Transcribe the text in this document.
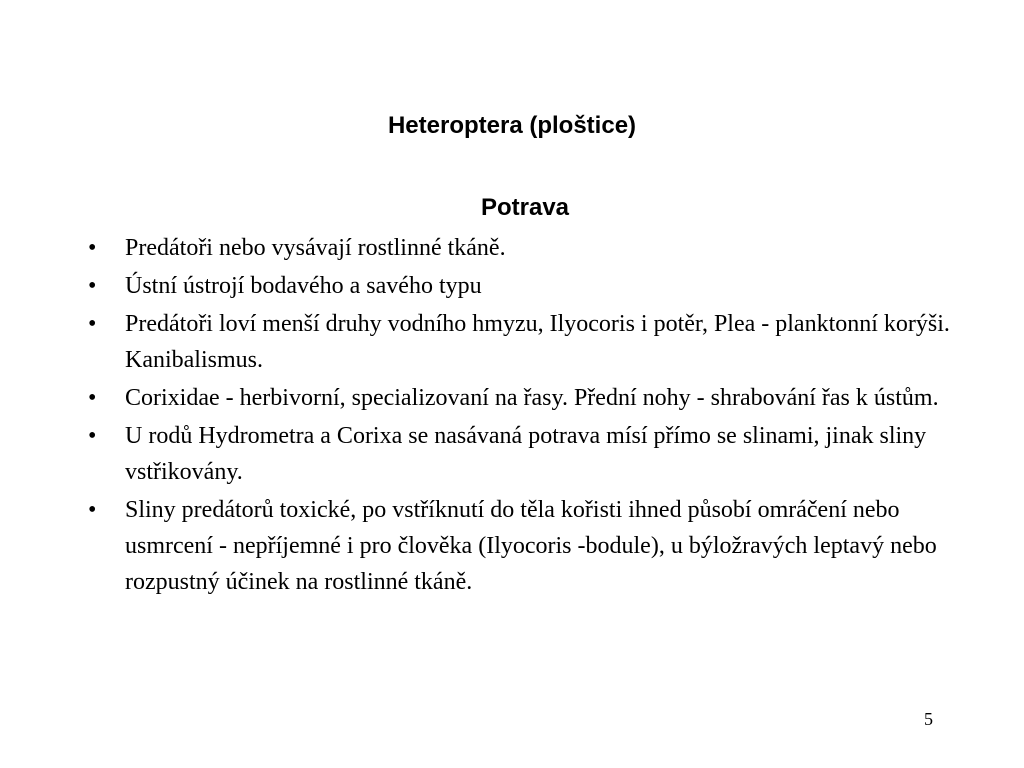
Heteroptera (ploštice)
Potrava
• Predátoři nebo vysávají rostlinné tkáně.
• Ústní ústrojí bodavého a savého typu
• Predátoři loví menší druhy vodního hmyzu, Ilyocoris i potěr, Plea - planktonní korýši. Kanibalismus.
• Corixidae - herbivorní, specializovaní na řasy. Přední nohy - shrabování řas k ústům.
• U rodů Hydrometra a Corixa se nasávaná potrava mísí přímo se slinami, jinak sliny vstřikovány.
• Sliny predátorů toxické, po vstříknutí do těla kořisti ihned působí omráčení nebo usmrcení - nepříjemné i pro člověka (Ilyocoris -bodule), u býložravých leptavý nebo rozpustný účinek na rostlinné tkáně.
5
